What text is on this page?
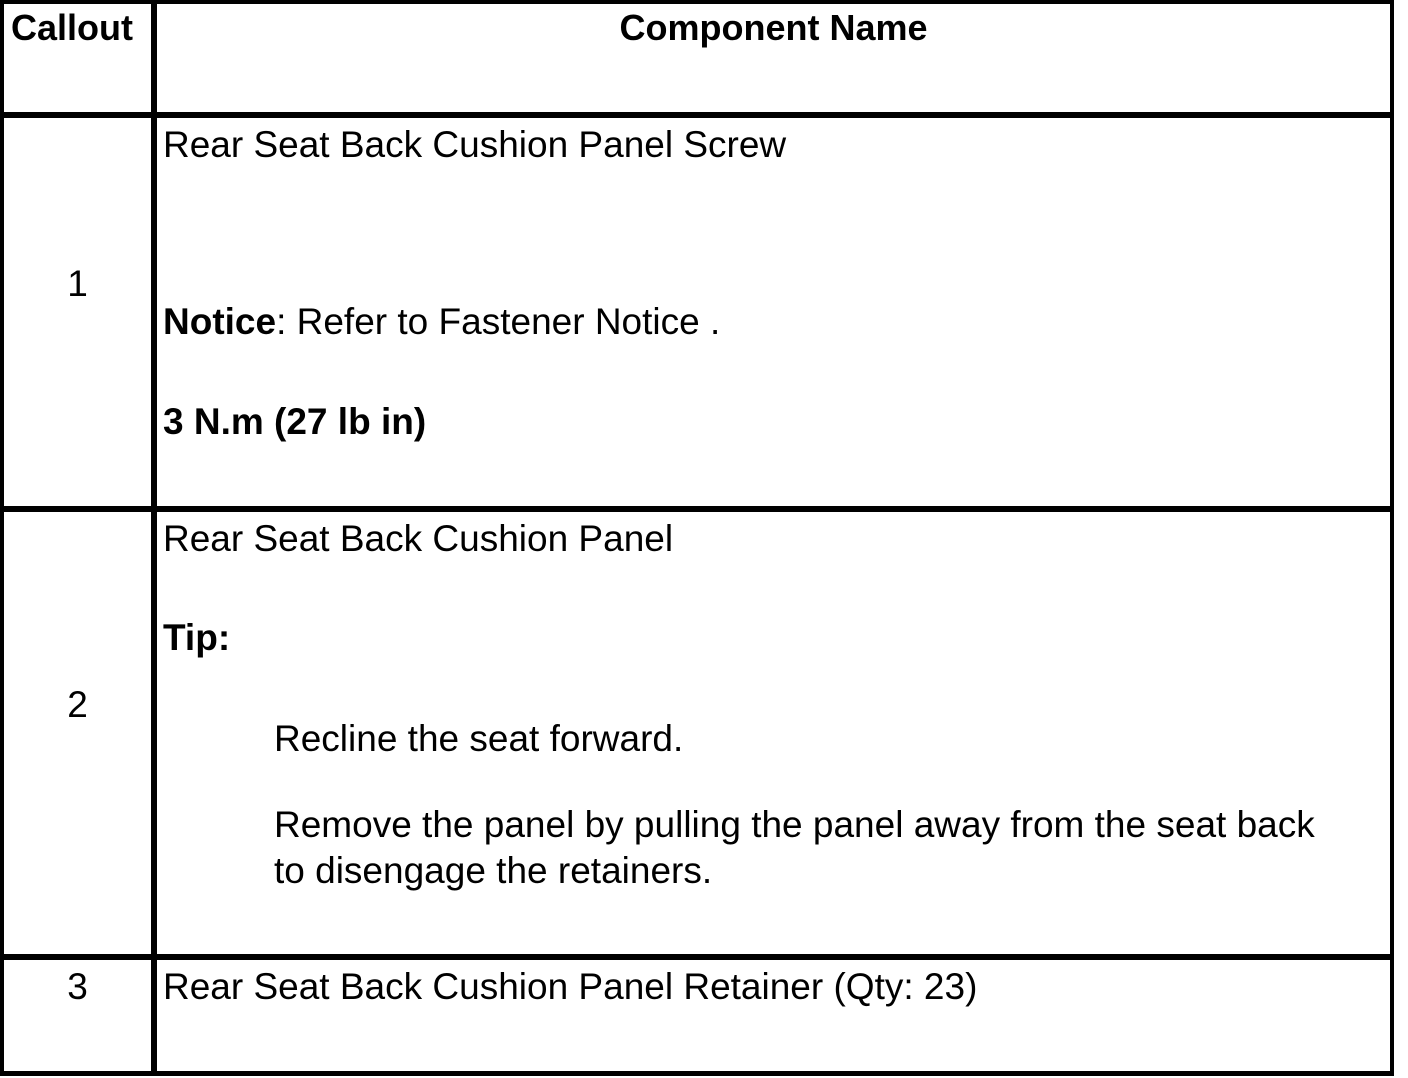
Callout	Component Name
1
Rear Seat Back Cushion Panel Screw
Notice: Refer to Fastener Notice .
3 N.m (27 lb in)
2
Rear Seat Back Cushion Panel
Tip:
Recline the seat forward.
Remove the panel by pulling the panel away from the seat back
to disengage the retainers.
3	Rear Seat Back Cushion Panel Retainer (Qty: 23)
